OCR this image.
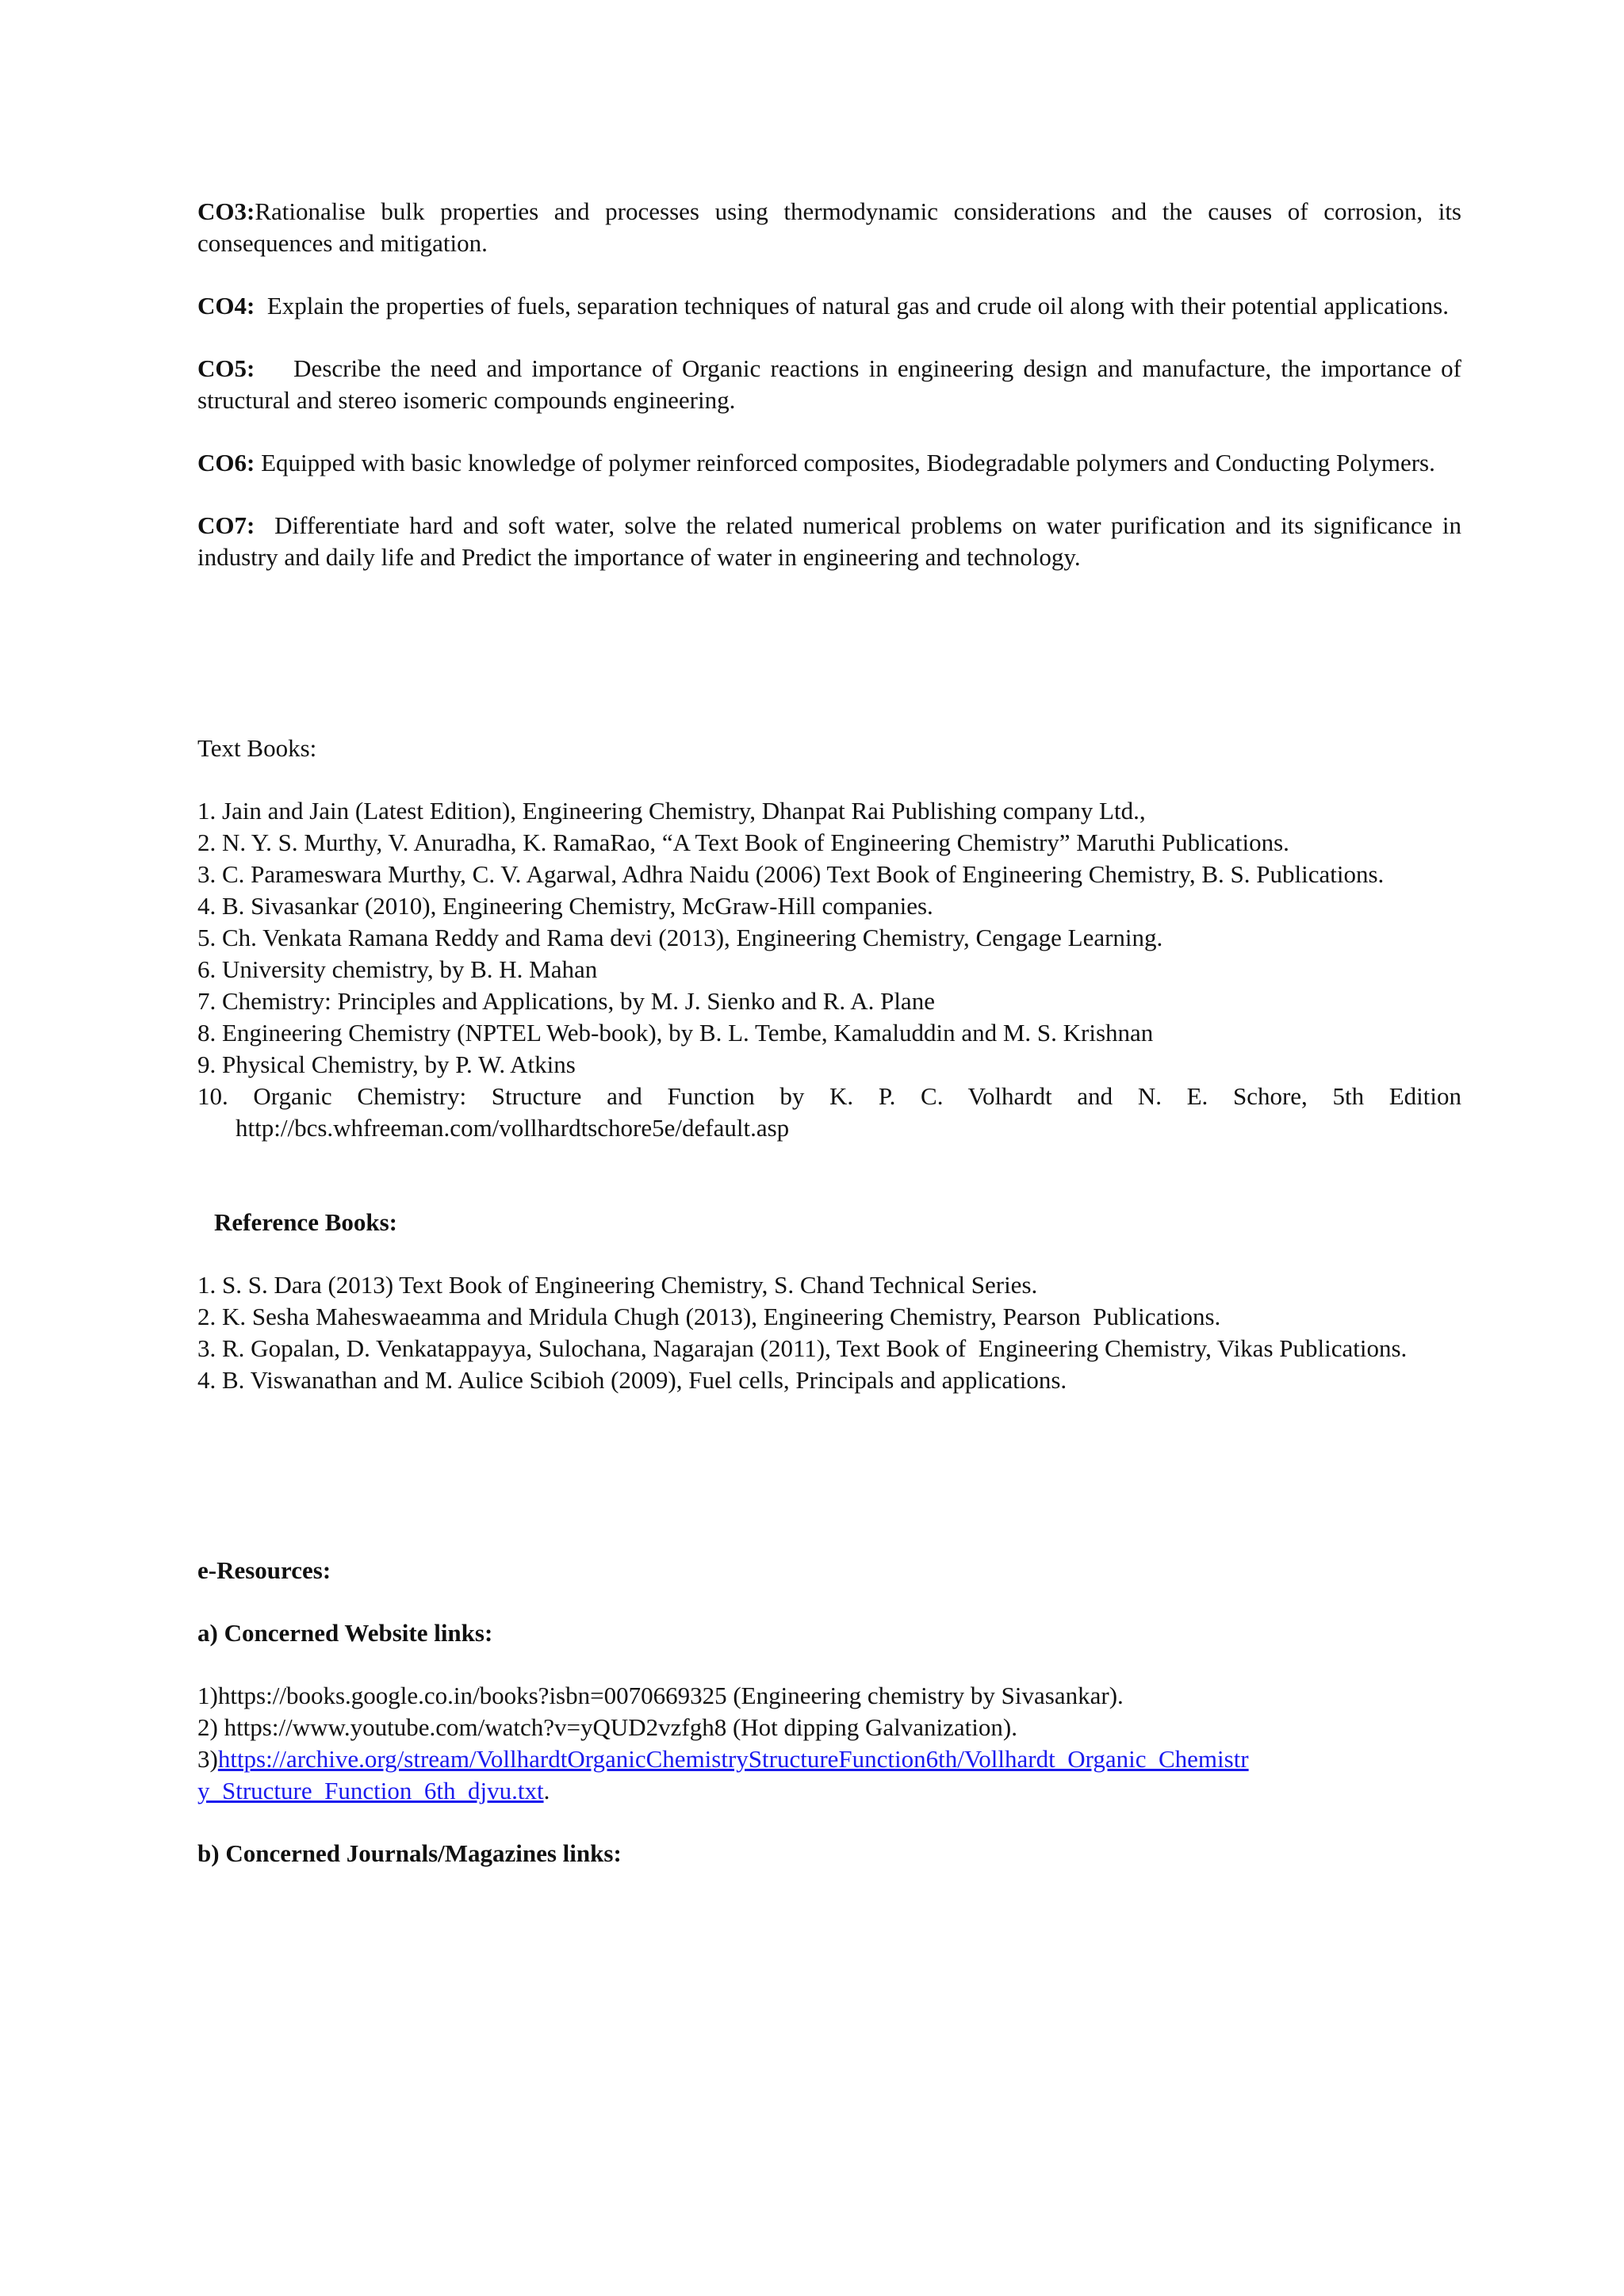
CO3:Rationalise bulk properties and processes using thermodynamic considerations and the causes of corrosion, its consequences and mitigation.

CO4:  Explain the properties of fuels, separation techniques of natural gas and crude oil along with their potential applications.

CO5:    Describe the need and importance of Organic reactions in engineering design and manufacture, the importance of structural and stereo isomeric compounds engineering.

CO6: Equipped with basic knowledge of polymer reinforced composites, Biodegradable polymers and Conducting Polymers.

CO7:  Differentiate hard and soft water, solve the related numerical problems on water purification and its significance in industry and daily life and Predict the importance of water in engineering and technology.

Text Books:

1. Jain and Jain (Latest Edition), Engineering Chemistry, Dhanpat Rai Publishing company Ltd.,
2. N. Y. S. Murthy, V. Anuradha, K. RamaRao, “A Text Book of Engineering Chemistry” Maruthi Publications.
3. C. Parameswara Murthy, C. V. Agarwal, Adhra Naidu (2006) Text Book of Engineering Chemistry, B. S. Publications.
4. B. Sivasankar (2010), Engineering Chemistry, McGraw-Hill companies.
5. Ch. Venkata Ramana Reddy and Rama devi (2013), Engineering Chemistry, Cengage Learning.
6. University chemistry, by B. H. Mahan
7. Chemistry: Principles and Applications, by M. J. Sienko and R. A. Plane
8. Engineering Chemistry (NPTEL Web-book), by B. L. Tembe, Kamaluddin and M. S. Krishnan
9. Physical Chemistry, by P. W. Atkins
10. Organic Chemistry: Structure and Function by K. P. C. Volhardt and N. E. Schore, 5th Edition http://bcs.whfreeman.com/vollhardtschore5e/default.asp

Reference Books:

1. S. S. Dara (2013) Text Book of Engineering Chemistry, S. Chand Technical Series.
2. K. Sesha Maheswaeamma and Mridula Chugh (2013), Engineering Chemistry, Pearson  Publications.
3. R. Gopalan, D. Venkatappayya, Sulochana, Nagarajan (2011), Text Book of  Engineering Chemistry, Vikas Publications.
4. B. Viswanathan and M. Aulice Scibioh (2009), Fuel cells, Principals and applications.

e-Resources:

a) Concerned Website links:

1)https://books.google.co.in/books?isbn=0070669325 (Engineering chemistry by Sivasankar).

2) https://www.youtube.com/watch?v=yQUD2vzfgh8 (Hot dipping Galvanization).

3)https://archive.org/stream/VollhardtOrganicChemistryStructureFunction6th/Vollhardt_Organic_Chemistry_Structure_Function_6th_djvu.txt.

b) Concerned Journals/Magazines links:
